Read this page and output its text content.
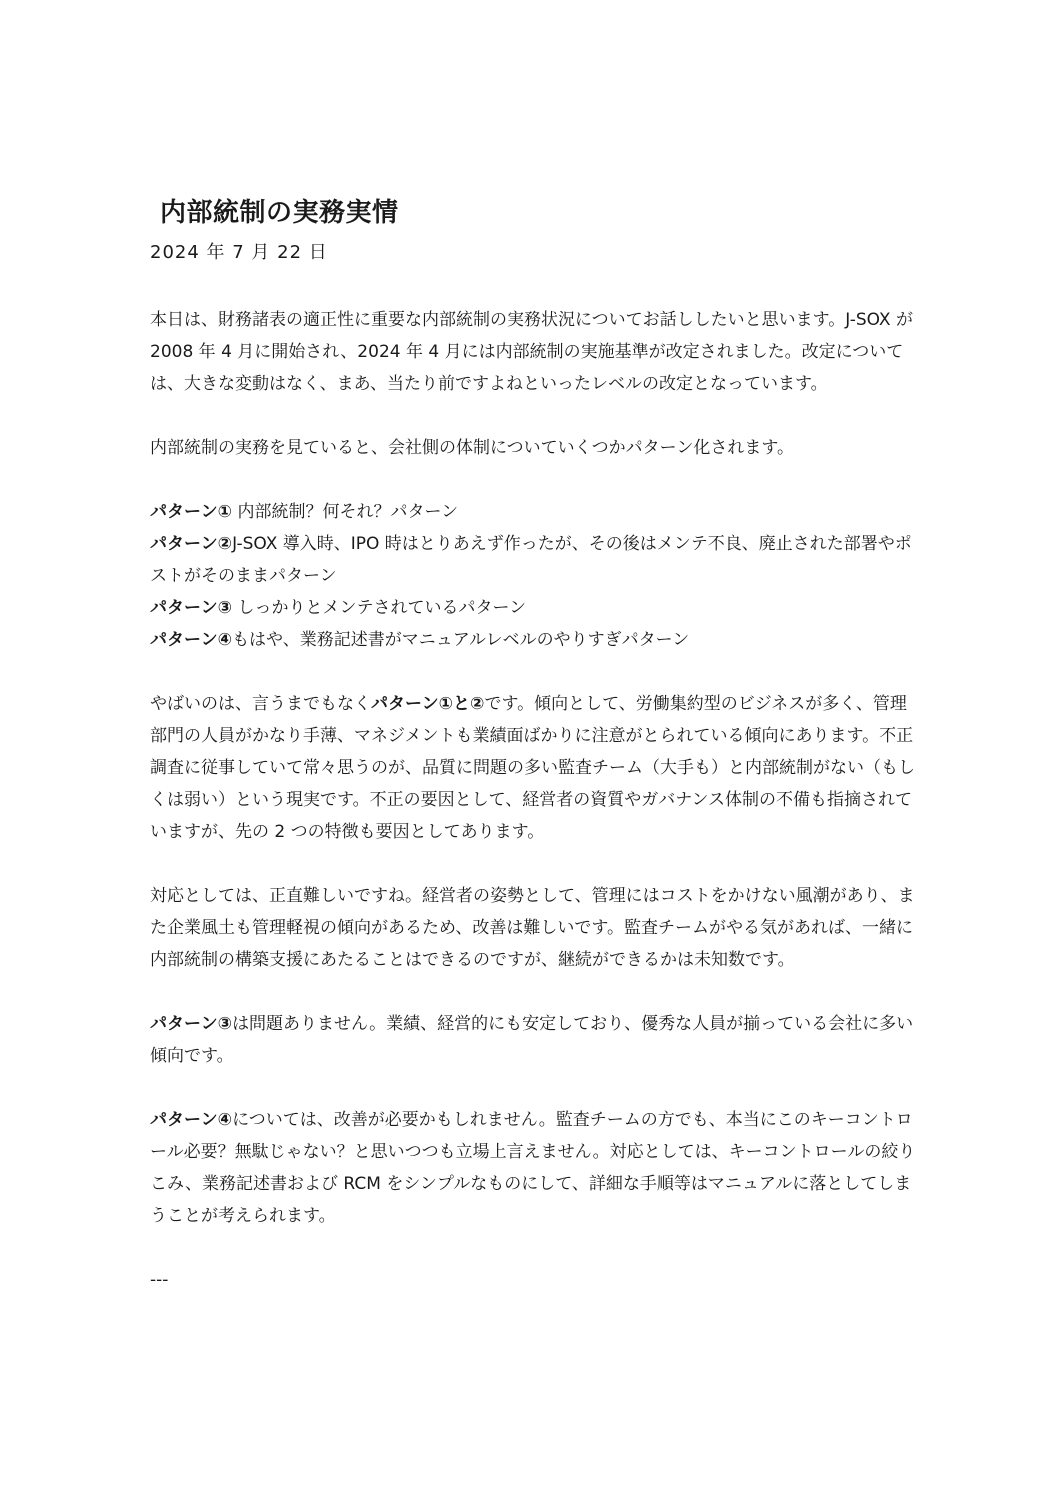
内部統制の実務実情
2024 年 7 月 22 日

本日は、財務諸表の適正性に重要な内部統制の実務状況についてお話ししたいと思います。J-SOX が 2008 年 4 月に開始され、2024 年 4 月には内部統制の実施基準が改定されました。改定については、大きな変動はなく、まあ、当たり前ですよねといったレベルの改定となっています。

内部統制の実務を見ていると、会社側の体制についていくつかパターン化されます。

パターン① 内部統制？何それ？パターン
パターン②J-SOX 導入時、IPO 時はとりあえず作ったが、その後はメンテ不良、廃止された部署やポストがそのままパターン
パターン③ しっかりとメンテされているパターン
パターン④もはや、業務記述書がマニュアルレベルのやりすぎパターン

やばいのは、言うまでもなくパターン①と②です。傾向として、労働集約型のビジネスが多く、管理部門の人員がかなり手薄、マネジメントも業績面ばかりに注意がとられている傾向にあります。不正調査に従事していて常々思うのが、品質に問題の多い監査チーム（大手も）と内部統制がない（もしくは弱い）という現実です。不正の要因として、経営者の資質やガバナンス体制の不備も指摘されていますが、先の 2 つの特徴も要因としてあります。

対応としては、正直難しいですね。経営者の姿勢として、管理にはコストをかけない風潮があり、また企業風土も管理軽視の傾向があるため、改善は難しいです。監査チームがやる気があれば、一緒に内部統制の構築支援にあたることはできるのですが、継続ができるかは未知数です。

パターン③は問題ありません。業績、経営的にも安定しており、優秀な人員が揃っている会社に多い傾向です。

パターン④については、改善が必要かもしれません。監査チームの方でも、本当にこのキーコントロール必要？無駄じゃない？と思いつつも立場上言えません。対応としては、キーコントロールの絞りこみ、業務記述書および RCM をシンプルなものにして、詳細な手順等はマニュアルに落としてしまうことが考えられます。

---
